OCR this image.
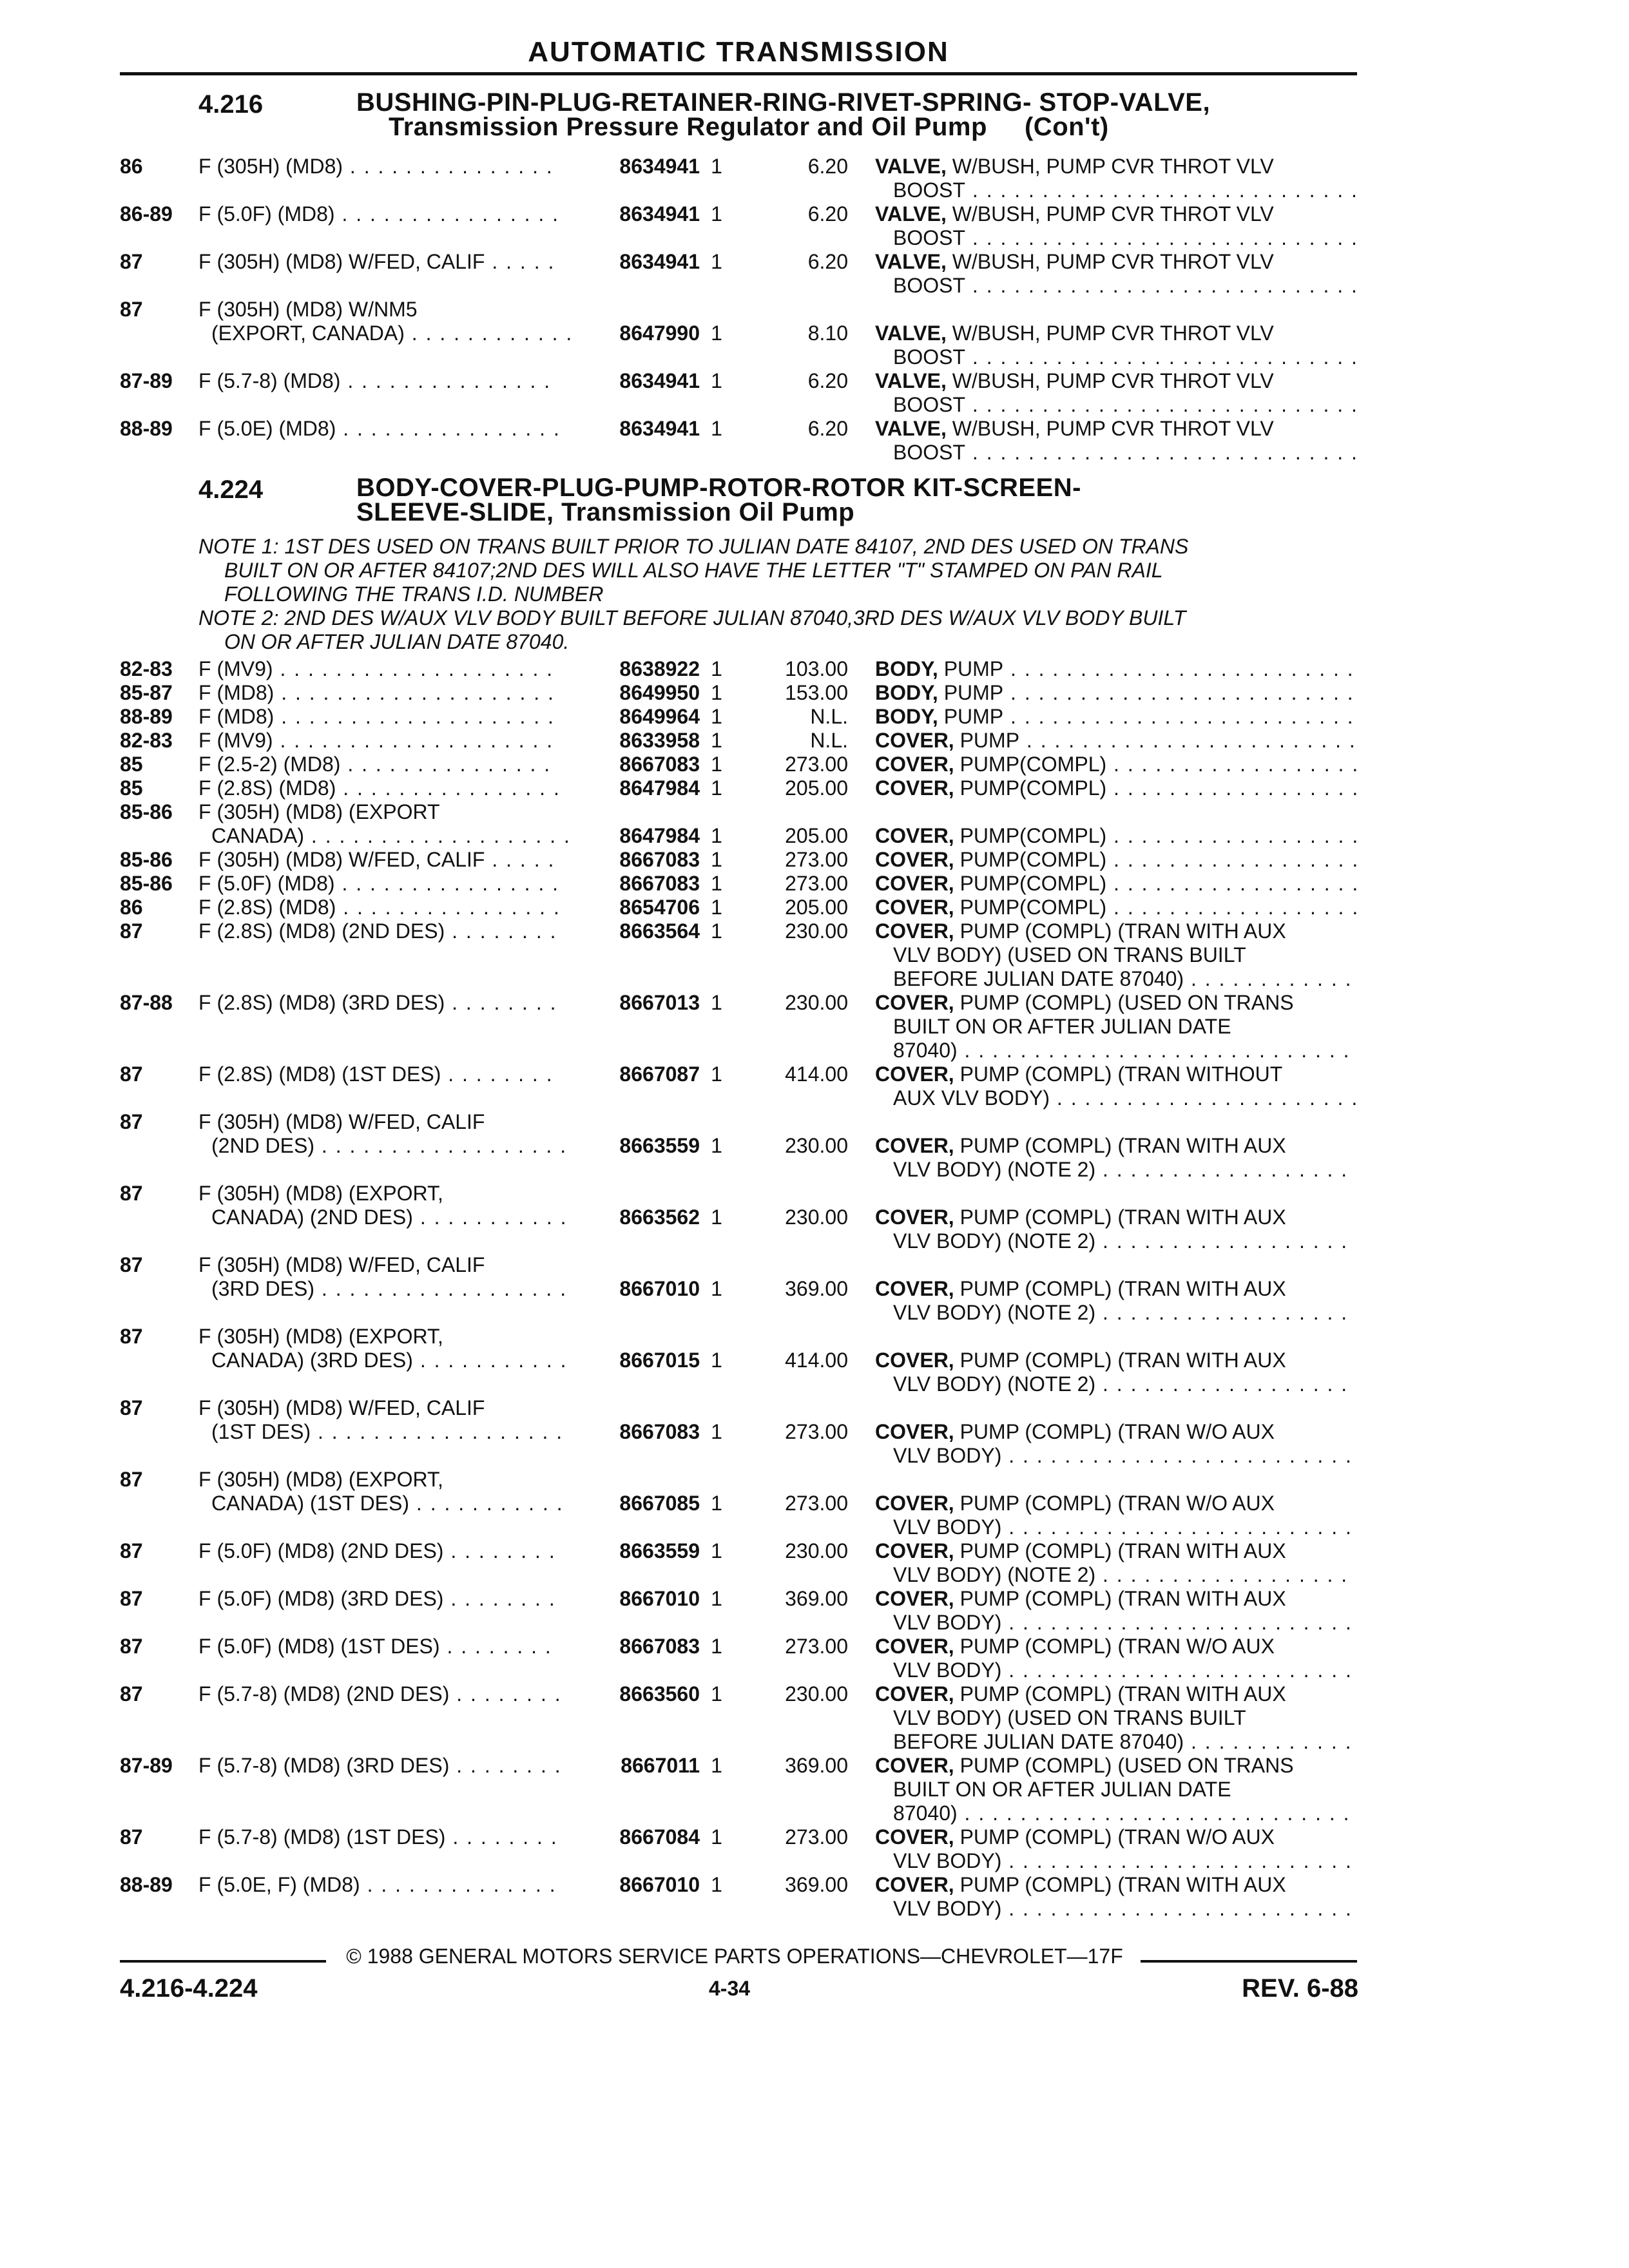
AUTOMATIC TRANSMISSION
4.216	BUSHING-PIN-PLUG-RETAINER-RING-RIVET-SPRING- STOP-VALVE,
Transmission Pressure Regulator and Oil Pump     (Con't)
86	F (305H) (MD8) . . .	8634941 1	6.20 VALVE, W/BUSH, PUMP CVR THROT VLV
BOOST . . .
86-89	F (5.0F) (MD8) . . .	8634941 1	6.20 VALVE, W/BUSH, PUMP CVR THROT VLV
BOOST . . .
87	F (305H) (MD8) W/FED, CALIF . . .	8634941 1	6.20 VALVE, W/BUSH, PUMP CVR THROT VLV
BOOST . . .
87	F (305H) (MD8) W/NM5
(EXPORT, CANADA) . . .	8647990 1	8.10 VALVE, W/BUSH, PUMP CVR THROT VLV
BOOST . . .
87-89	F (5.7-8) (MD8) . . .	8634941 1	6.20 VALVE, W/BUSH, PUMP CVR THROT VLV
BOOST . . .
88-89	F (5.0E) (MD8) . . .	8634941 1	6.20 VALVE, W/BUSH, PUMP CVR THROT VLV
BOOST . . .
4.224	BODY-COVER-PLUG-PUMP-ROTOR-ROTOR KIT-SCREEN-
SLEEVE-SLIDE, Transmission Oil Pump

NOTE 1: 1ST DES USED ON TRANS BUILT PRIOR TO JULIAN DATE 84107, 2ND DES USED ON TRANS
BUILT ON OR AFTER 84107;2ND DES WILL ALSO HAVE THE LETTER "T" STAMPED ON PAN RAIL
FOLLOWING THE TRANS I.D. NUMBER

NOTE 2: 2ND DES W/AUX VLV BODY BUILT BEFORE JULIAN 87040,3RD DES W/AUX VLV BODY BUILT
ON OR AFTER JULIAN DATE 87040.

82-83	F (MV9) . . .	8638922 1	103.00 BODY, PUMP . . .
85-87	F (MD8) . . .	8649950 1	153.00 BODY, PUMP . . .
88-89	F (MD8) . . .	8649964 1	N.L. BODY, PUMP . . .
82-83	F (MV9) . . .	8633958 1	N.L. COVER, PUMP . . .
85	F (2.5-2) (MD8) . . .	8667083 1	273.00 COVER, PUMP(COMPL) . . .
85	F (2.8S) (MD8) . . .	8647984 1	205.00 COVER, PUMP(COMPL) . . .
85-86	F (305H) (MD8) (EXPORT
CANADA) . . .	8647984 1	205.00 COVER, PUMP(COMPL) . . .
85-86	F (305H) (MD8) W/FED, CALIF . . .	8667083 1	273.00 COVER, PUMP(COMPL) . . .
85-86	F (5.0F) (MD8) . . .	8667083 1	273.00 COVER, PUMP(COMPL) . . .
86	F (2.8S) (MD8) . . .	8654706 1	205.00 COVER, PUMP(COMPL) . . .
87	F (2.8S) (MD8) (2ND DES) . . .	8663564 1	230.00 COVER, PUMP (COMPL) (TRAN WITH AUX
VLV BODY) (USED ON TRANS BUILT
BEFORE JULIAN DATE 87040) . . .
87-88	F (2.8S) (MD8) (3RD DES) . . .	8667013 1	230.00 COVER, PUMP (COMPL) (USED ON TRANS
BUILT ON OR AFTER JULIAN DATE
87040) . . .
87	F (2.8S) (MD8) (1ST DES) . . .	8667087 1	414.00 COVER, PUMP (COMPL) (TRAN WITHOUT
AUX VLV BODY) . . .
87	F (305H) (MD8) W/FED, CALIF
(2ND DES) . . .	8663559 1	230.00 COVER, PUMP (COMPL) (TRAN WITH AUX
VLV BODY) (NOTE 2) . . .
87	F (305H) (MD8) (EXPORT,
CANADA) (2ND DES) . . .	8663562 1	230.00 COVER, PUMP (COMPL) (TRAN WITH AUX
VLV BODY) (NOTE 2) . . .
87	F (305H) (MD8) W/FED, CALIF
(3RD DES) . . .	8667010 1	369.00 COVER, PUMP (COMPL) (TRAN WITH AUX
VLV BODY) (NOTE 2) . . .
87	F (305H) (MD8) (EXPORT,
CANADA) (3RD DES) . . .	8667015 1	414.00 COVER, PUMP (COMPL) (TRAN WITH AUX
VLV BODY) (NOTE 2) . . .
87	F (305H) (MD8) W/FED, CALIF
(1ST DES) . . .	8667083 1	273.00 COVER, PUMP (COMPL) (TRAN W/O AUX
VLV BODY) . . .
87	F (305H) (MD8) (EXPORT,
CANADA) (1ST DES) . . .	8667085 1	273.00 COVER, PUMP (COMPL) (TRAN W/O AUX
VLV BODY) . . .
87	F (5.0F) (MD8) (2ND DES) . . .	8663559 1	230.00 COVER, PUMP (COMPL) (TRAN WITH AUX
VLV BODY) (NOTE 2) . . .
87	F (5.0F) (MD8) (3RD DES) . . .	8667010 1	369.00 COVER, PUMP (COMPL) (TRAN WITH AUX
VLV BODY) . . .
87	F (5.0F) (MD8) (1ST DES) . . .	8667083 1	273.00 COVER, PUMP (COMPL) (TRAN W/O AUX
VLV BODY) . . .
87	F (5.7-8) (MD8) (2ND DES) . . .	8663560 1	230.00 COVER, PUMP (COMPL) (TRAN WITH AUX
VLV BODY) (USED ON TRANS BUILT
BEFORE JULIAN DATE 87040) . . .
87-89	F (5.7-8) (MD8) (3RD DES) . . .	8667011 1	369.00 COVER, PUMP (COMPL) (USED ON TRANS
BUILT ON OR AFTER JULIAN DATE
87040) . . .
87	F (5.7-8) (MD8) (1ST DES) . . .	8667084 1	273.00 COVER, PUMP (COMPL) (TRAN W/O AUX
VLV BODY) . . .
88-89	F (5.0E, F) (MD8) . . .	8667010 1	369.00 COVER, PUMP (COMPL) (TRAN WITH AUX
VLV BODY) . . .
© 1988 GENERAL MOTORS SERVICE PARTS OPERATIONS—CHEVROLET—17F
4.216-4.224	4-34	REV. 6-88
